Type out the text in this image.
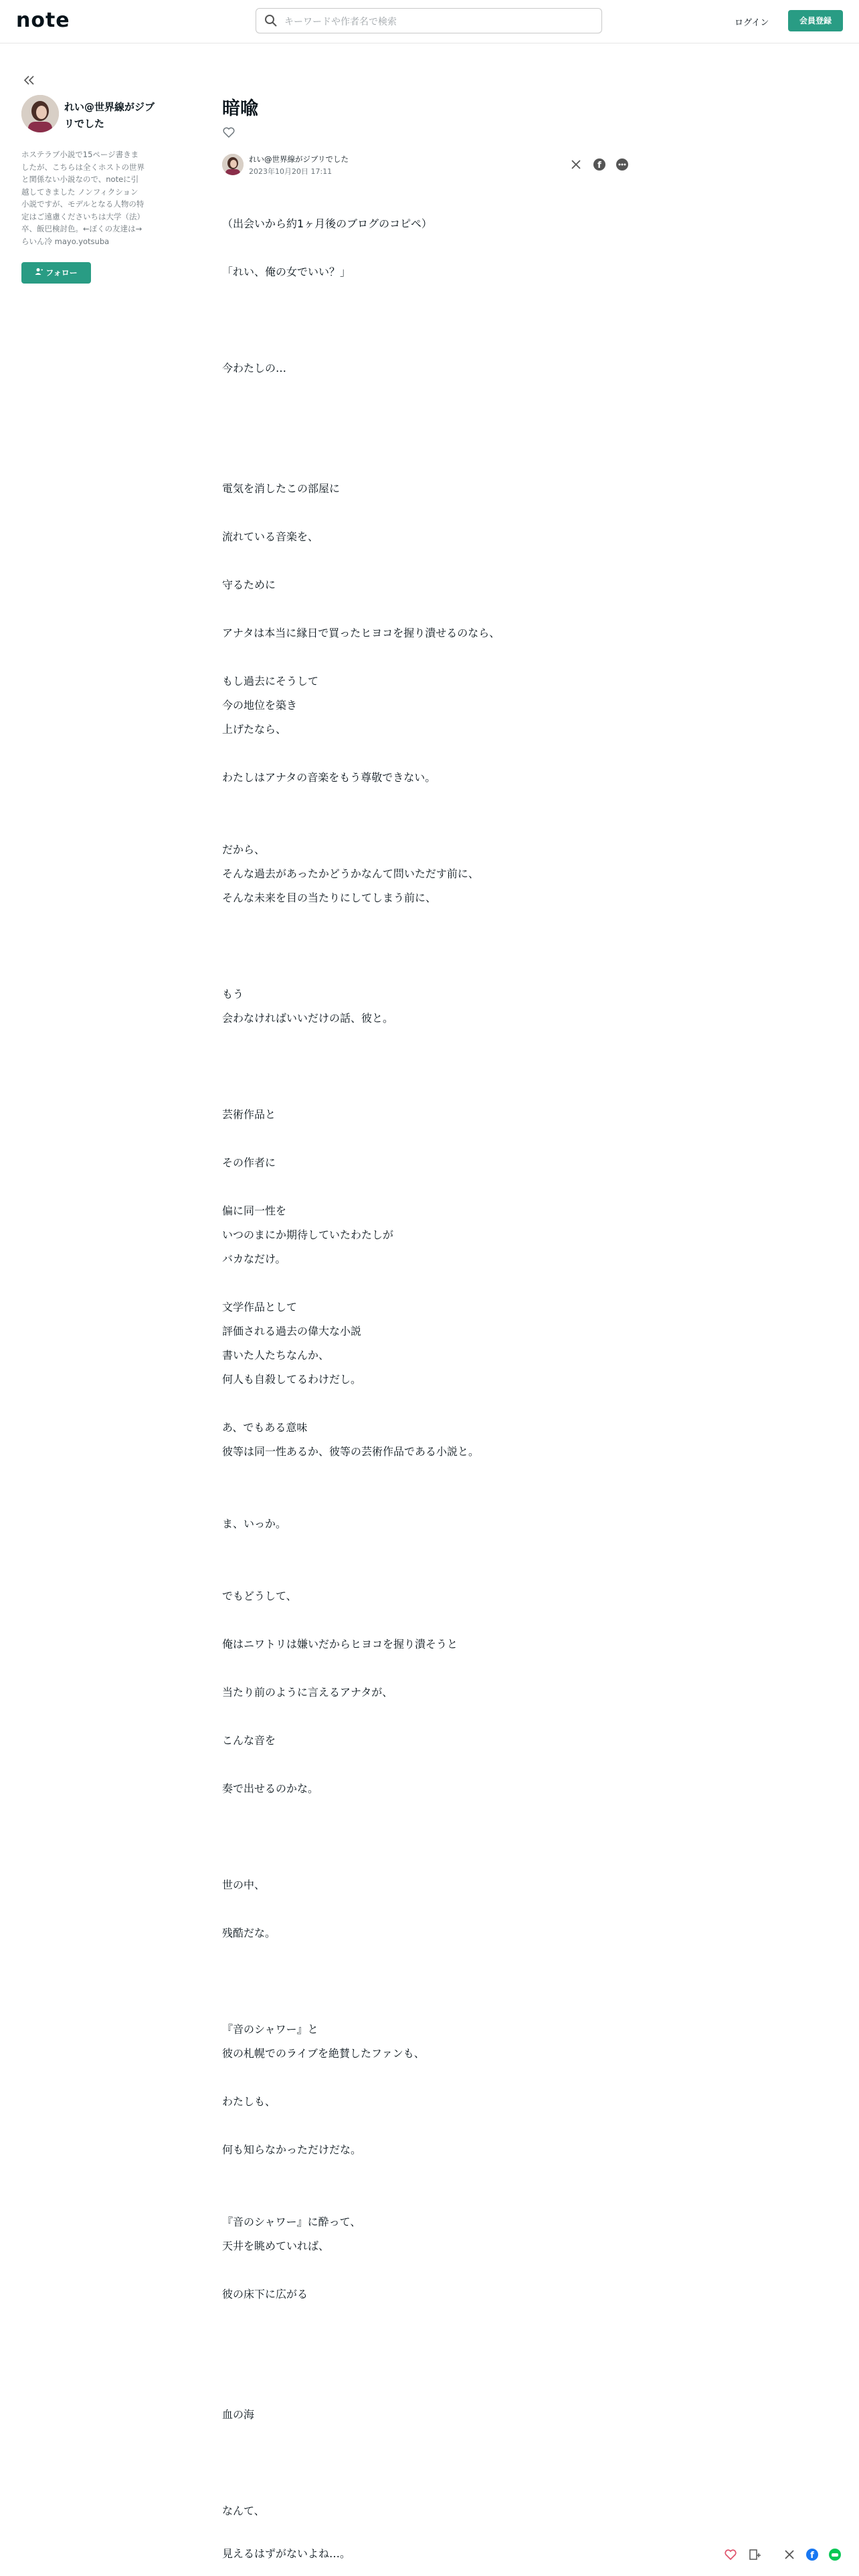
note	キーワードや作者名で検索	ログイン	会員登録
れい@世界線がジブリでした
ホステラブ小説で15ページ書きましたが、こちらは全くホストの世界と関係ない小説なので、noteに引越してきました ノンフィクション小説ですが、モデルとなる人物の特定はご遠慮くださいちは大学（法）卒、飯巴検討色。←ぼくの友達は→らいん冷 mayo.yotsuba
フォロー
暗喩
れい@世界線がジブリでした
2023年10月20日 17:11
f
（出会いから約1ヶ月後のブログのコピペ）
「れい、俺の女でいい？」
今わたしの…
電気を消したこの部屋に
流れている音楽を、
守るために
アナタは本当に縁日で買ったヒヨコを握り潰せるのなら、
もし過去にそうして
今の地位を築き
上げたなら、
わたしはアナタの音楽をもう尊敬できない。
だから、
そんな過去があったかどうかなんて問いただす前に、
そんな未来を目の当たりにしてしまう前に、
もう
会わなければいいだけの話、彼と。
芸術作品と
その作者に
偏に同一性を
いつのまにか期待していたわたしが
バカなだけ。
文学作品として
評価される過去の偉大な小説
書いた人たちなんか、
何人も自殺してるわけだし。
あ、でもある意味
彼等は同一性あるか、彼等の芸術作品である小説と。
ま、いっか。
でもどうして、
俺はニワトリは嫌いだからヒヨコを握り潰そうと
当たり前のように言えるアナタが、
こんな音を
奏で出せるのかな。
世の中、
残酷だな。
『音のシャワー』と
彼の札幌でのライブを絶賛したファンも、
わたしも、
何も知らなかっただけだな。
『音のシャワー』に酔って、
天井を眺めていれば、
彼の床下に広がる
血の海
なんて、
見えるはずがないよね…。	f
